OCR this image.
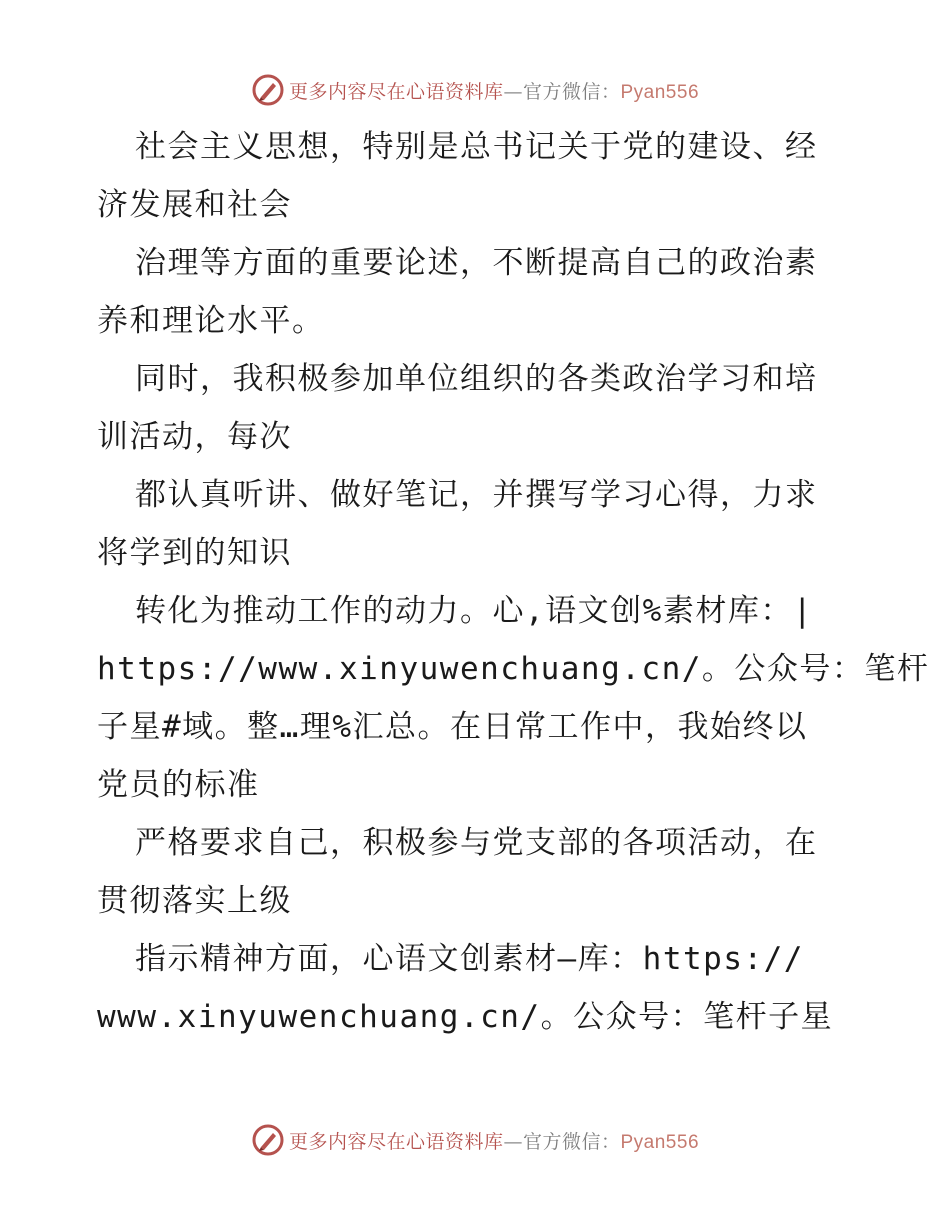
更多内容尽在心语资料库—官方微信：Pyan556

社会主义思想，特别是总书记关于党的建设、经

济发展和社会

治理等方面的重要论述，不断提高自己的政治素

养和理论水平。

同时，我积极参加单位组织的各类政治学习和培

训活动，每次

都认真听讲、做好笔记，并撰写学习心得，力求

将学到的知识

转化为推动工作的动力。心,语文创%素材库：|

https://www.xinyuwenchuang.cn/。公众号：笔杆

子星#域。整…理%汇总。在日常工作中，我始终以

党员的标准

严格要求自己，积极参与党支部的各项活动，在

贯彻落实上级

指示精神方面，心语文创素材—库：https://

www.xinyuwenchuang.cn/。公众号：笔杆子星

更多内容尽在心语资料库—官方微信：Pyan556
